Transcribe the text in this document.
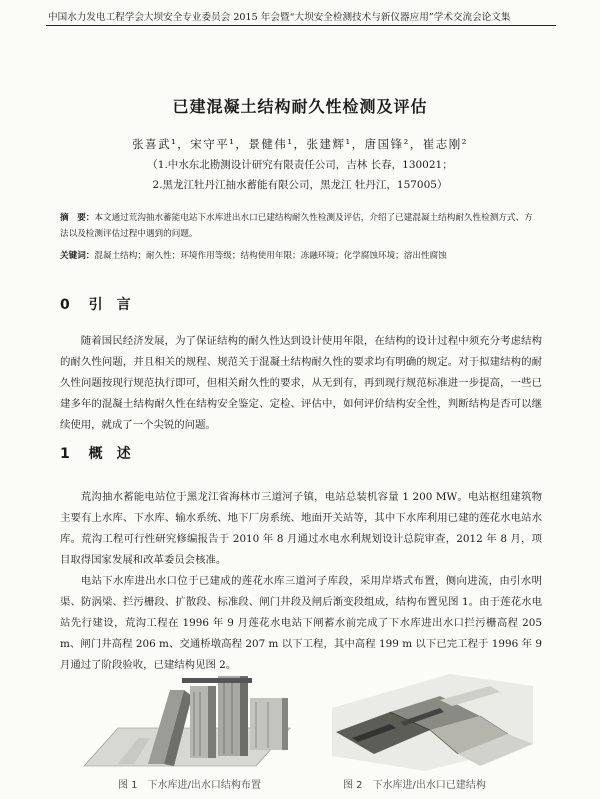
中国水力发电工程学会大坝安全专业委员会 2015 年会暨“大坝安全检测技术与新仪器应用”学术交流会论文集
已建混凝土结构耐久性检测及评估
张喜武¹，宋守平¹，景健伟¹，张建辉¹，唐国锋²，崔志刚²
（1.中水东北勘测设计研究有限责任公司，吉林 长春，130021；
2.黑龙江牡丹江抽水蓄能有限公司，黑龙江 牡丹江，157005）
摘　要：本文通过荒沟抽水蓄能电站下水库进出水口已建结构耐久性检测及评估，介绍了已建混凝土结构耐久性检测方式、方法以及检测评估过程中遇到的问题。
关键词：混凝土结构；耐久性；环境作用等级；结构使用年限；冻融环境；化学腐蚀环境；溶出性腐蚀
0 引　言

随着国民经济发展，为了保证结构的耐久性达到设计使用年限，在结构的设计过程中须充分考虑结构的耐久性问题，并且相关的规程、规范关于混凝土结构耐久性的要求均有明确的规定。对于拟建结构的耐久性问题按现行规范执行即可，但相关耐久性的要求，从无到有，再到现行规范标准进一步提高，一些已建多年的混凝土结构耐久性在结构安全鉴定、定检、评估中，如何评价结构安全性，判断结构是否可以继续使用，就成了一个尖锐的问题。

1 概　述

荒沟抽水蓄能电站位于黑龙江省海林市三道河子镇，电站总装机容量 1 200 MW。电站枢纽建筑物主要有上水库、下水库、输水系统、地下厂房系统、地面开关站等，其中下水库利用已建的莲花水电站水库。荒沟工程可行性研究修编报告于 2010 年 8 月通过水电水利规划设计总院审查，2012 年 8 月，项目取得国家发展和改革委员会核准。

电站下水库进出水口位于已建成的莲花水库三道河子库段，采用岸塔式布置，侧向进流，由引水明渠、防涡梁、拦污栅段、扩散段、标准段、闸门井段及闸后渐变段组成，结构布置见图 1。由于莲花水电站先行建设，荒沟工程在 1996 年 9 月莲花水电站下闸蓄水前完成了下水库进出水口拦污栅高程 205 m、闸门井高程 206 m、交通桥墩高程 207 m 以下工程，其中高程 199 m 以下已完工程于 1996 年 9 月通过了阶段验收，已建结构见图 2。

图 1　下水库进/出水口结构布置	图 2　下水库进/出水口已建结构
